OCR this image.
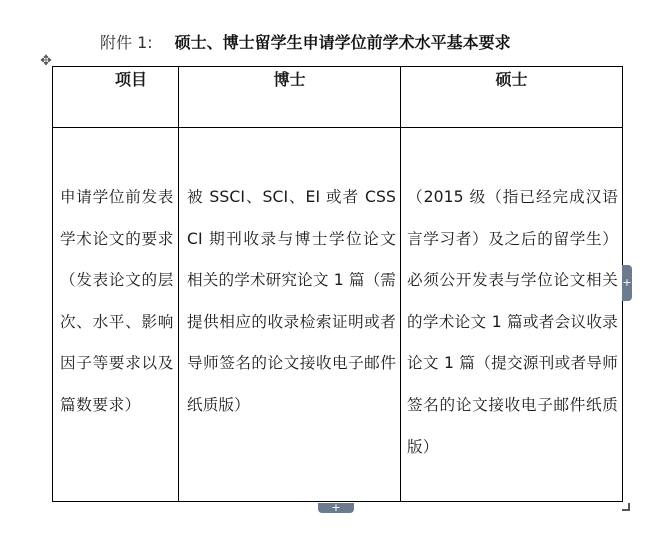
附件 1: 硕士、博士留学生申请学位前学术水平基本要求
✥
项目	博士	硕士

申请学位前发表学术论文的要求（发表论文的层次、水平、影响因子等要求以及篇数要求）	被 SSCI、SCI、EI 或者 CSSCI 期刊收录与博士学位论文相关的学术研究论文 1 篇（需提供相应的收录检索证明或者导师签名的论文接收电子邮件纸质版）	（2015 级（指已经完成汉语言学习者）及之后的留学生）必须公开发表与学位论文相关的学术论文 1 篇或者会议收录论文 1 篇（提交源刊或者导师签名的论文接收电子邮件纸质版）
+
+
